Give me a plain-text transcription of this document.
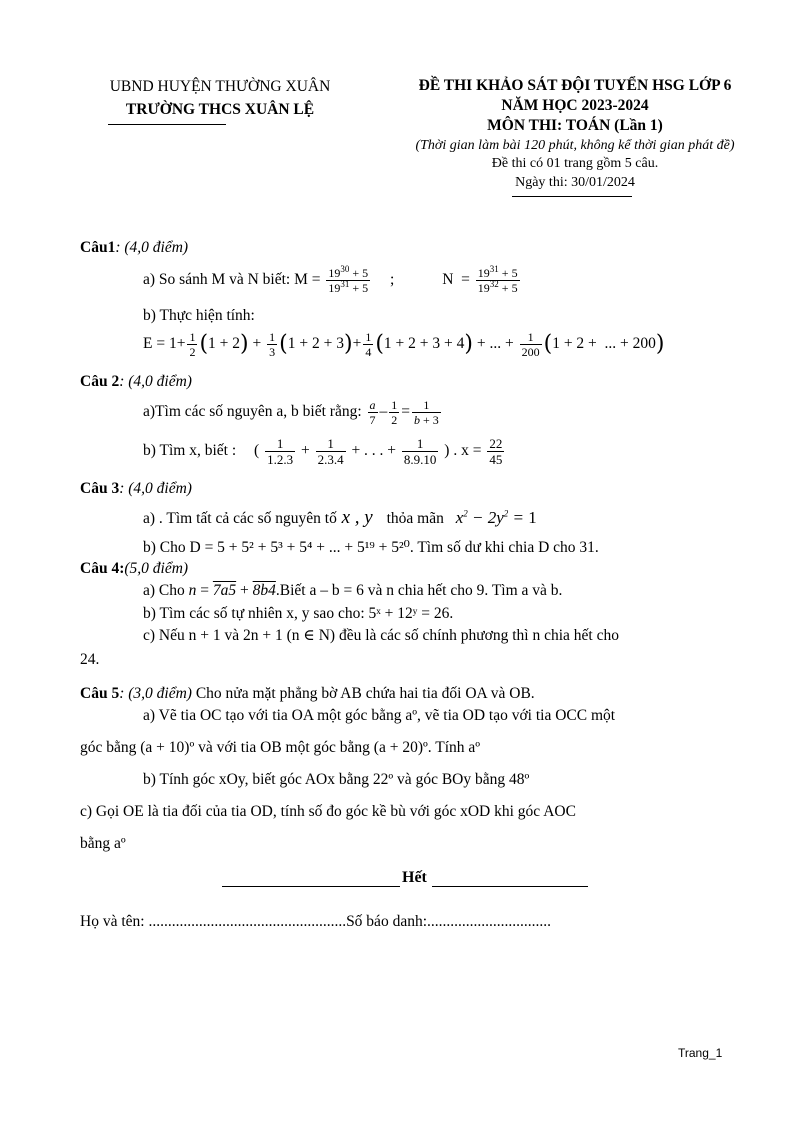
UBND HUYỆN THƯỜNG XUÂN
TRƯỜNG THCS XUÂN LỆ
ĐỀ THI KHẢO SÁT ĐỘI TUYỂN HSG LỚP 6
NĂM HỌC 2023-2024
MÔN THI: TOÁN (Lần 1)
(Thời gian làm bài 120 phút, không kể thời gian phát đề)
Đề thi có 01 trang gồm 5 câu.
Ngày thi: 30/01/2024
Câu1: (4,0 điểm)
a) So sánh M và N biết: $M = \frac{19^{30} + 5}{19^{31} + 5}$ ;	$N = \frac{19^{31} + 5}{19^{32} + 5}$
b) Thực hiện tính:
$E = 1+ \frac{1}{2} (1 + 2) + \frac{1}{3} (1 + 2 + 3)+ \frac{1}{4} (1 + 2 + 3 + 4)$ + ... + $\frac{1}{200} (1 + 2$ +  ... + 200)
Câu 2: (4,0 điểm)
a)Tìm các số nguyên a, b biết rằng: $\frac{a}{7} - \frac{1}{2} = \frac{1}{b + 3}$
b) Tìm x, biết : ( $\frac{1}{1.2.3} + \frac{1}{2.3.4}$ + . . . + $\frac{1}{8.9.10}$ ) . $x = \frac{22}{45}$
Câu 3: (4,0 điểm)
a) . Tìm tất cả các số nguyên tố x , y thỏa mãn $x^2 - 2y^2 = 1$
b) Cho D = 5 + 5² + 5³ + 5⁴ + ... + 5¹⁹ + 5²⁰. Tìm số dư khi chia D cho 31.
Câu 4:(5,0 điểm)
a) Cho n = 7a5 + 8b4.Biết a – b = 6 và n chia hết cho 9. Tìm a và b.
b) Tìm các số tự nhiên x, y sao cho: 5ˣ + 12ʸ = 26.
c) Nếu n + 1 và 2n + 1 (n ∈ N) đều là các số chính phương thì n chia hết cho
24.
Câu 5: (3,0 điểm) Cho nửa mặt phẳng bờ AB chứa hai tia đối OA và OB.
a) Vẽ tia OC tạo với tia OA một góc bằng aº, vẽ tia OD tạo với tia OCC một
góc bằng (a + 10)º và với tia OB một góc bằng (a + 20)º. Tính aº
b) Tính góc xOy, biết góc AOx bằng 22º và góc BOy bằng 48º
c) Gọi OE là tia đối của tia OD, tính số đo góc kề bù với góc xOD khi góc AOC
bằng aº
Hết
Họ và tên: ...................................................Số báo danh:................................
Trang_1
